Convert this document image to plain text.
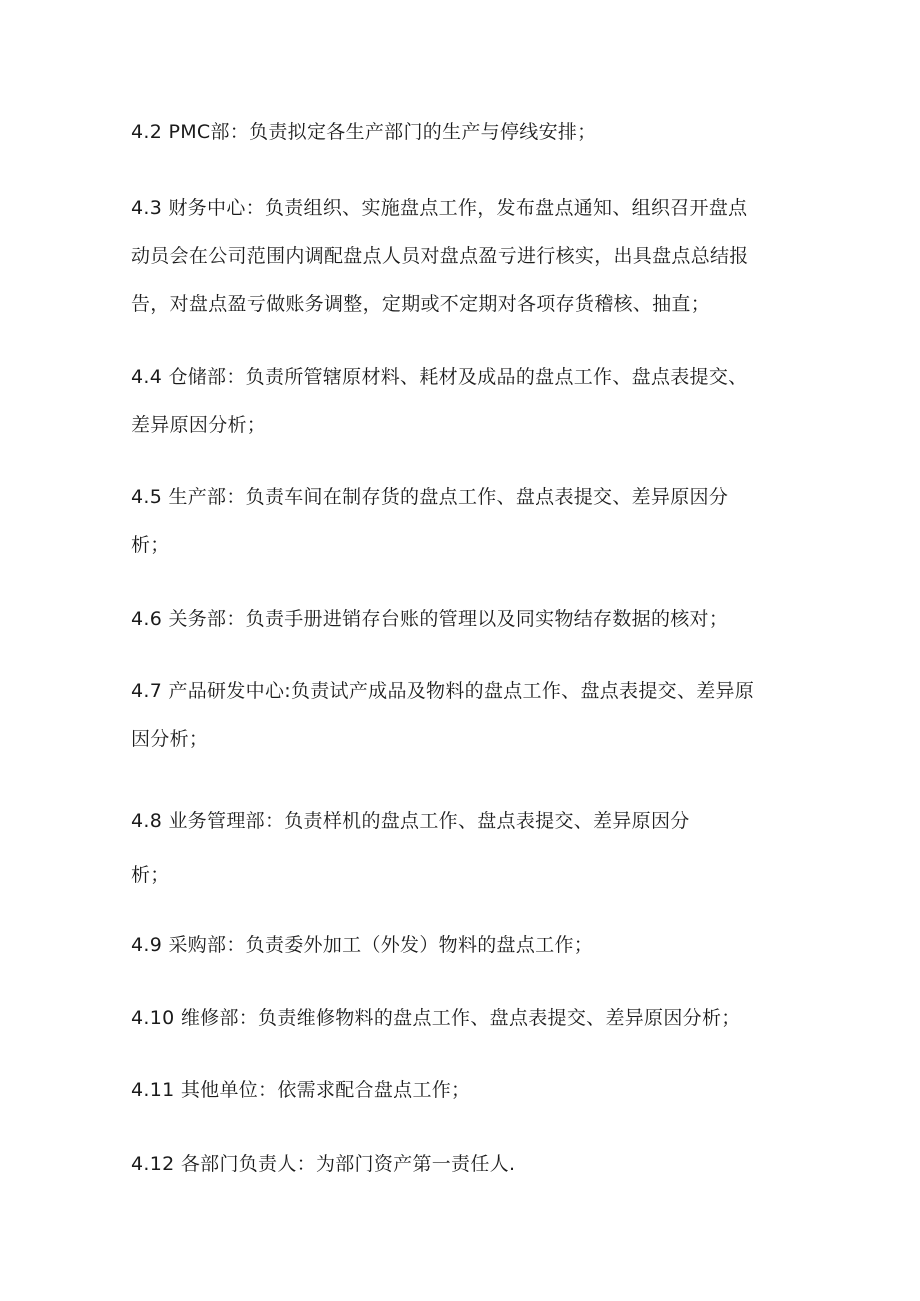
4.2 PMC部：负责拟定各生产部门的生产与停线安排；
4.3 财务中心：负责组织、实施盘点工作，发布盘点通知、组织召开盘点
动员会在公司范围内调配盘点人员对盘点盈亏进行核实，出具盘点总结报
告，对盘点盈亏做账务调整，定期或不定期对各项存货稽核、抽直；
4.4 仓储部：负责所管辖原材料、耗材及成品的盘点工作、盘点表提交、
差异原因分析；
4.5 生产部：负责车间在制存货的盘点工作、盘点表提交、差异原因分
析；
4.6 关务部：负责手册进销存台账的管理以及同实物结存数据的核对；
4.7 产品研发中心:负责试产成品及物料的盘点工作、盘点表提交、差异原
因分析；
4.8 业务管理部：负责样机的盘点工作、盘点表提交、差异原因分
析；
4.9 采购部：负责委外加工（外发）物料的盘点工作；
4.10 维修部：负责维修物料的盘点工作、盘点表提交、差异原因分析；
4.11 其他单位：依需求配合盘点工作；
4.12 各部门负责人：为部门资产第一责任人.
